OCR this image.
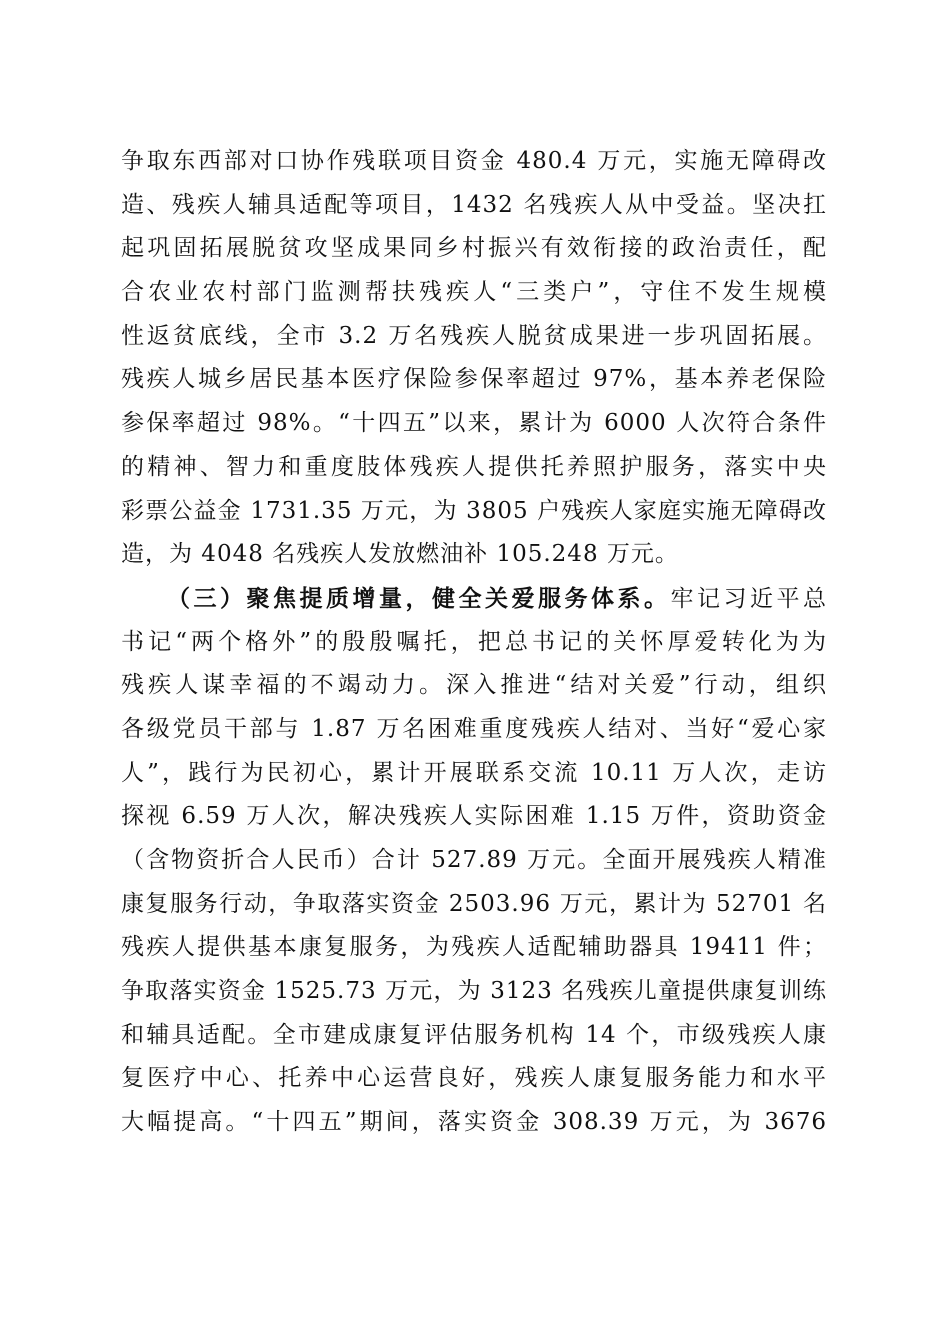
争取东西部对口协作残联项目资金 480.4 万元，实施无障碍改
造、残疾人辅具适配等项目，1432 名残疾人从中受益。坚决扛
起巩固拓展脱贫攻坚成果同乡村振兴有效衔接的政治责任，配
合农业农村部门监测帮扶残疾人“三类户”，守住不发生规模
性返贫底线，全市 3.2 万名残疾人脱贫成果进一步巩固拓展。
残疾人城乡居民基本医疗保险参保率超过 97%，基本养老保险
参保率超过 98%。“十四五”以来，累计为 6000 人次符合条件
的精神、智力和重度肢体残疾人提供托养照护服务，落实中央
彩票公益金 1731.35 万元，为 3805 户残疾人家庭实施无障碍改
造，为 4048 名残疾人发放燃油补 105.248 万元。
（三）聚焦提质增量，健全关爱服务体系。牢记习近平总
书记“两个格外”的殷殷嘱托，把总书记的关怀厚爱转化为为
残疾人谋幸福的不竭动力。深入推进“结对关爱”行动，组织
各级党员干部与 1.87 万名困难重度残疾人结对、当好“爱心家
人”，践行为民初心，累计开展联系交流 10.11 万人次，走访
探视 6.59 万人次，解决残疾人实际困难 1.15 万件，资助资金
（含物资折合人民币）合计 527.89 万元。全面开展残疾人精准
康复服务行动，争取落实资金 2503.96 万元，累计为 52701 名
残疾人提供基本康复服务，为残疾人适配辅助器具 19411 件；
争取落实资金 1525.73 万元，为 3123 名残疾儿童提供康复训练
和辅具适配。全市建成康复评估服务机构 14 个，市级残疾人康
复医疗中心、托养中心运营良好，残疾人康复服务能力和水平
大幅提高。“十四五”期间，落实资金 308.39 万元，为 3676
